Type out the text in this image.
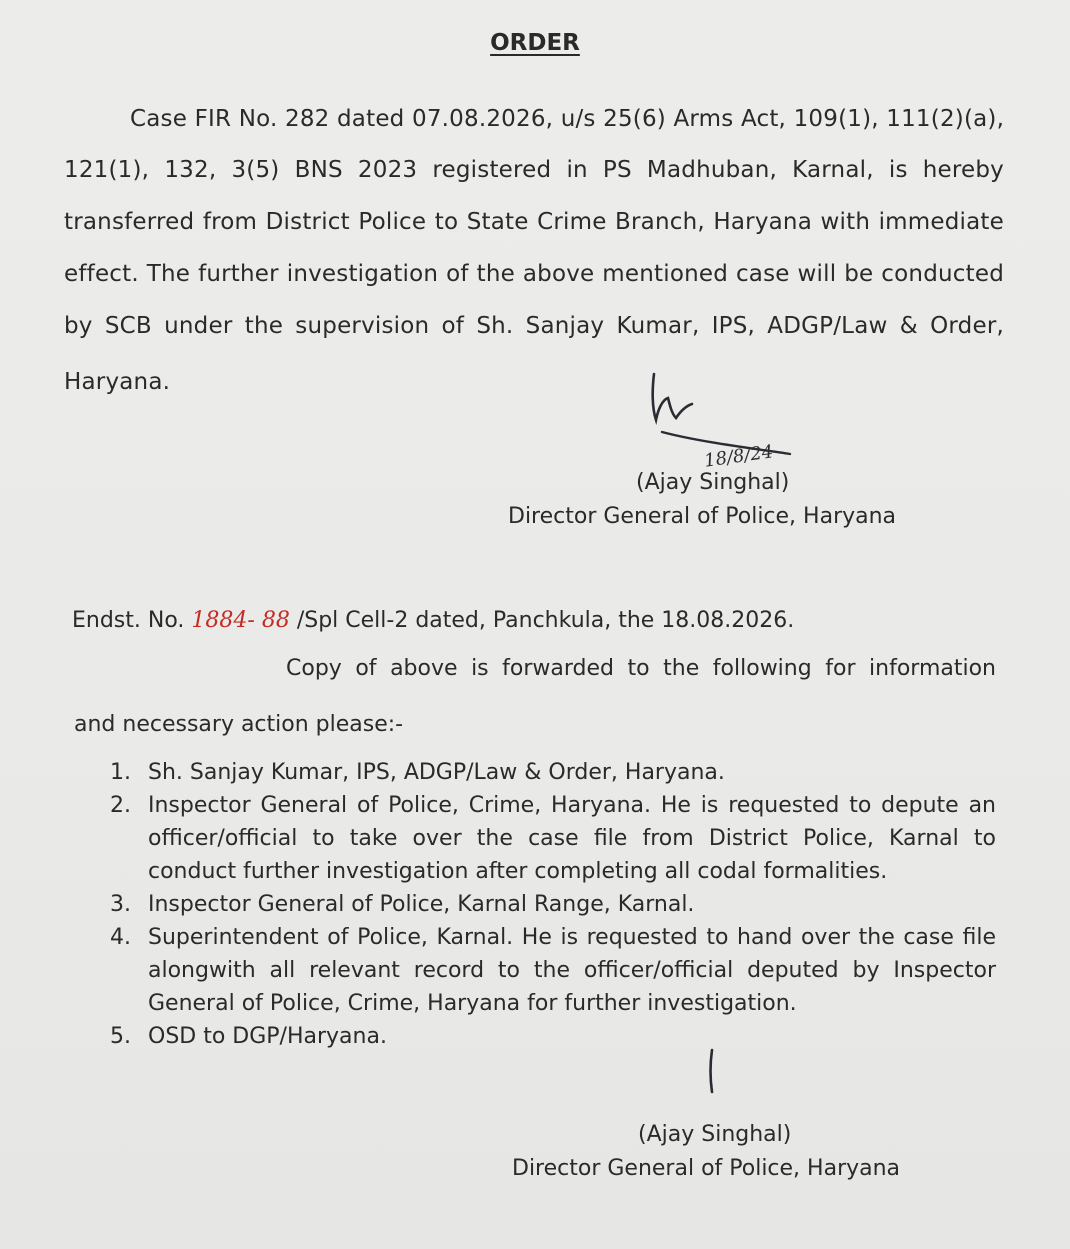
ORDER
Case FIR No. 282 dated 07.08.2026, u/s 25(6) Arms Act, 109(1), 111(2)(a),
121(1), 132, 3(5) BNS 2023 registered in PS Madhuban, Karnal, is hereby
transferred from District Police to State Crime Branch, Haryana with immediate
effect. The further investigation of the above mentioned case will be conducted
by SCB under the supervision of Sh. Sanjay Kumar, IPS, ADGP/Law & Order,
Haryana.
18/8/24
(Ajay Singhal)
Director General of Police, Haryana
Endst. No. 1884- 88 /Spl Cell-2 dated, Panchkula, the 18.08.2026.
Copy of above is forwarded to the following for information
and necessary action please:-
1. Sh. Sanjay Kumar, IPS, ADGP/Law & Order, Haryana.
2. Inspector General of Police, Crime, Haryana. He is requested to depute an
officer/official to take over the case file from District Police, Karnal to
conduct further investigation after completing all codal formalities.
3. Inspector General of Police, Karnal Range, Karnal.
4. Superintendent of Police, Karnal. He is requested to hand over the case file
alongwith all relevant record to the officer/official deputed by Inspector
General of Police, Crime, Haryana for further investigation.
5. OSD to DGP/Haryana.
(Ajay Singhal)
Director General of Police, Haryana
